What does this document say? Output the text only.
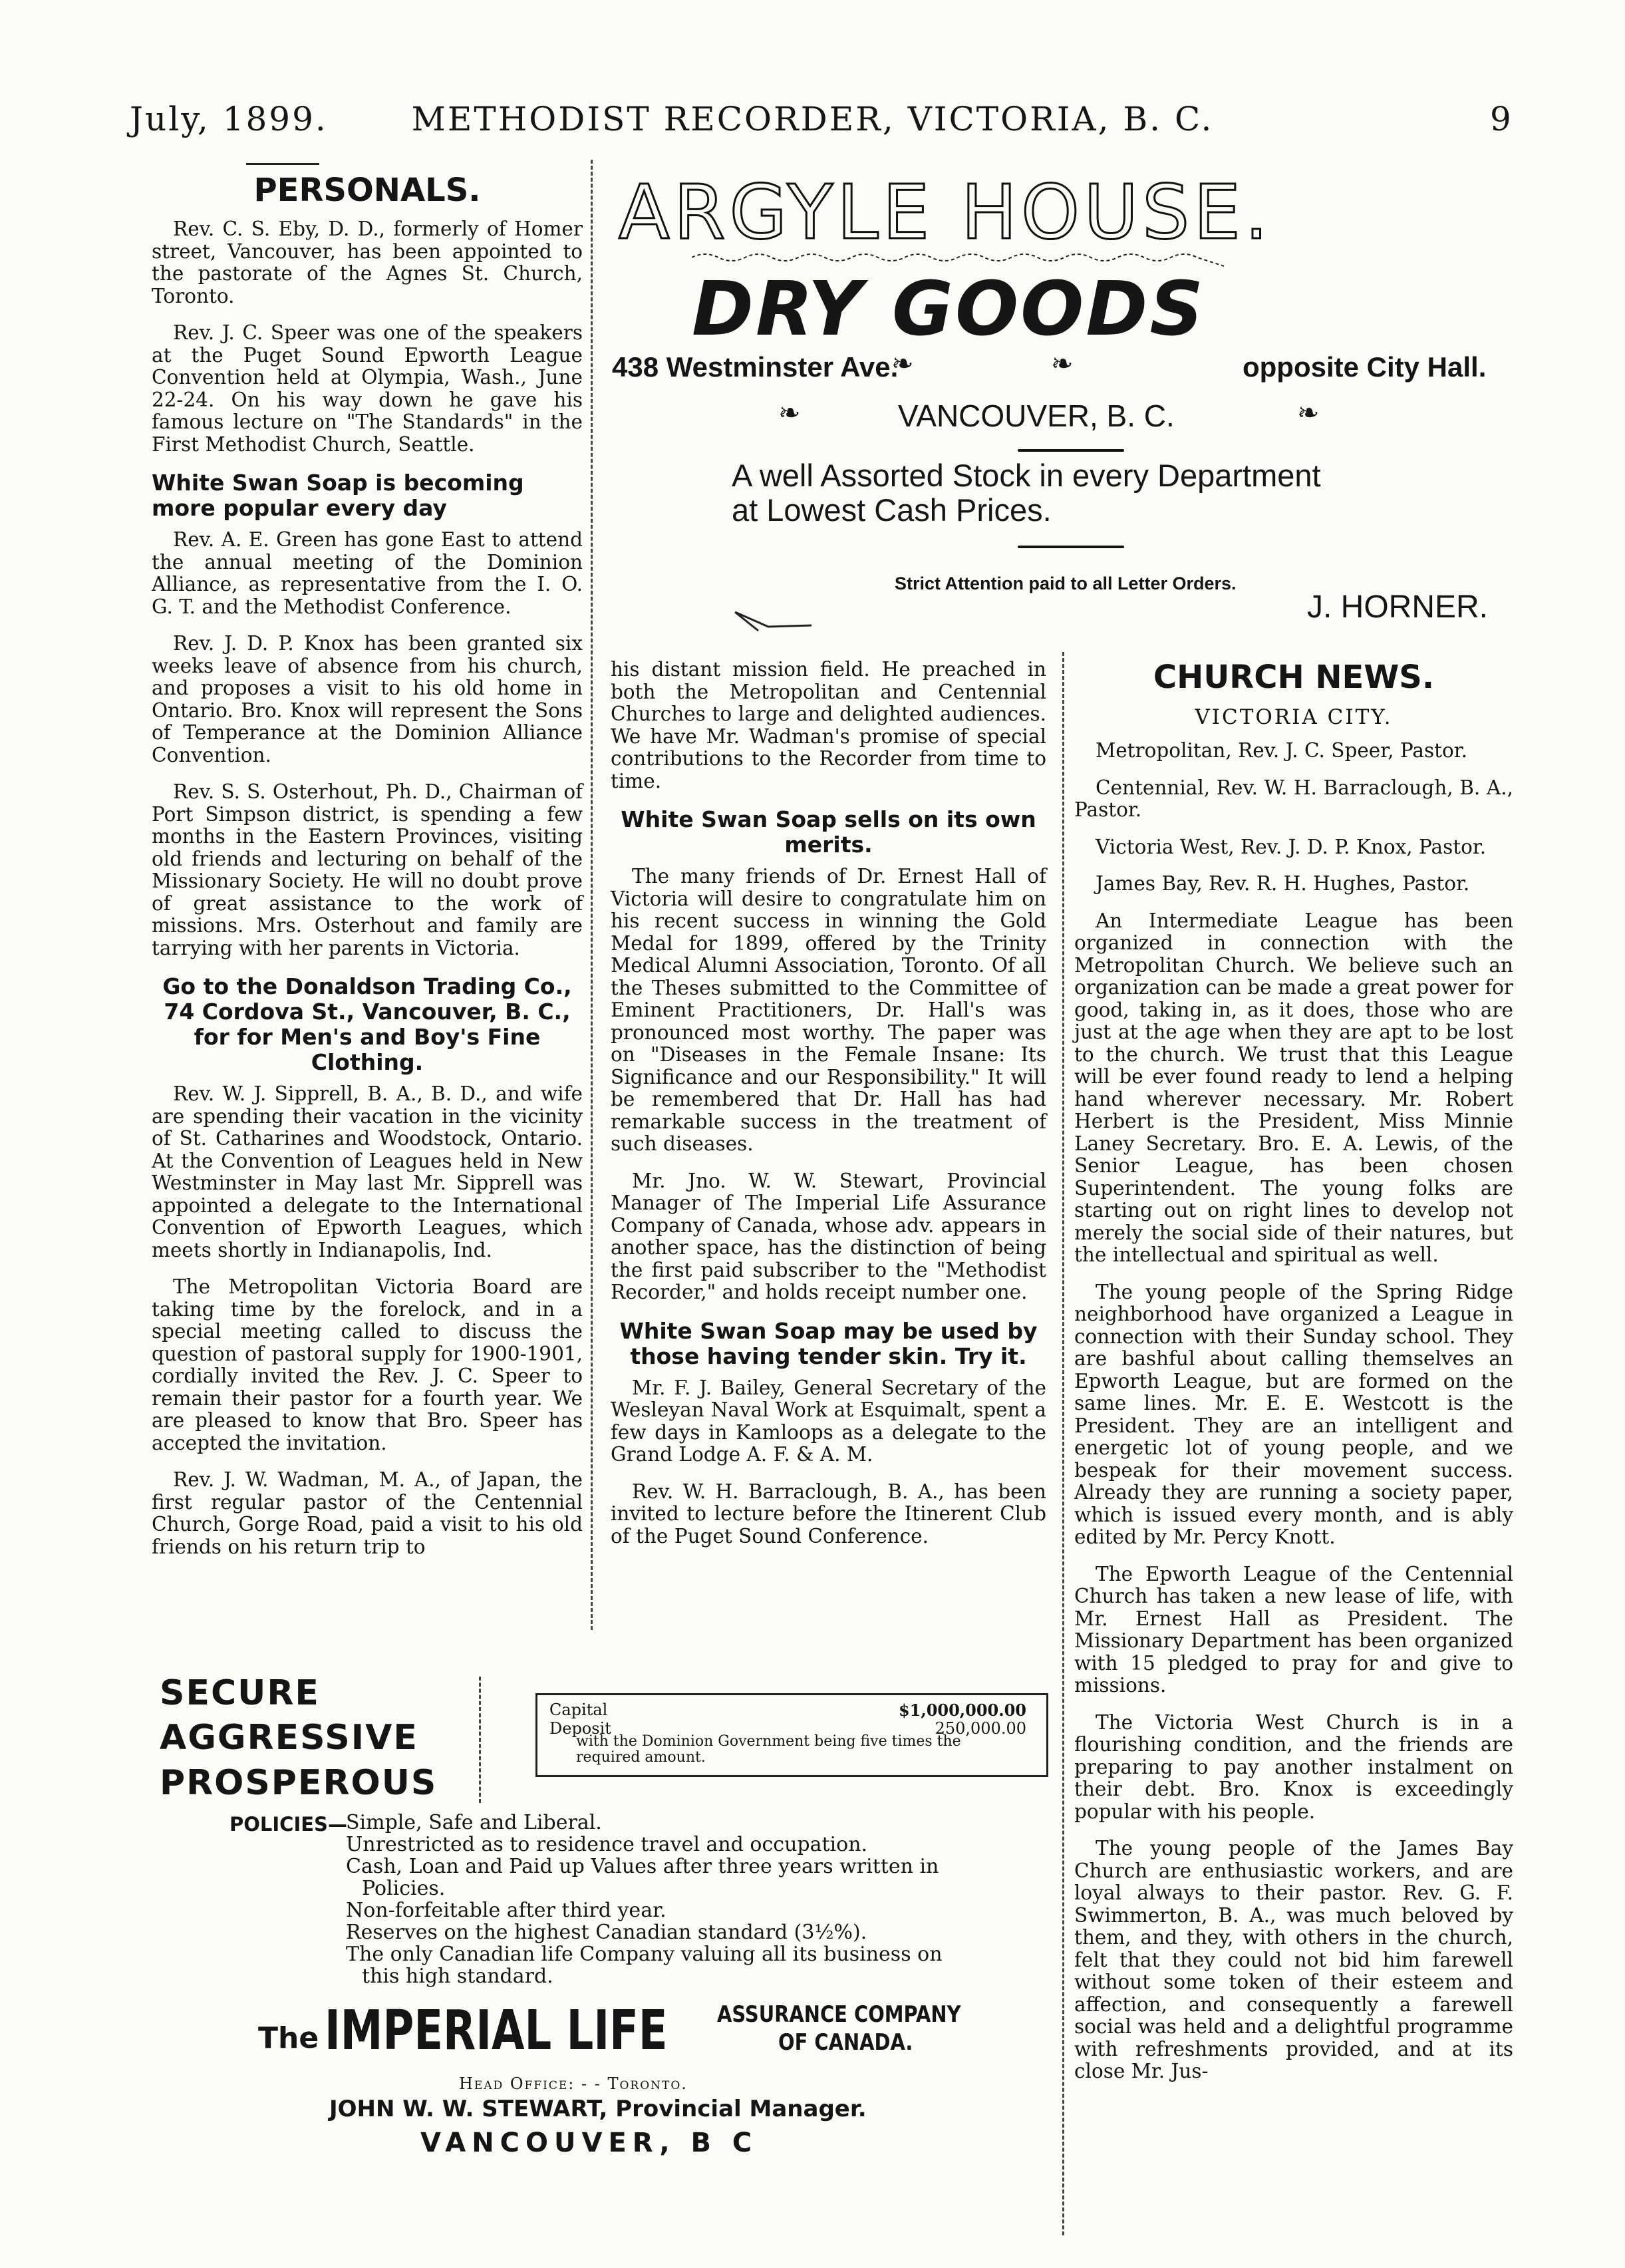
METHODIST RECORDER, VICTORIA, B. C.
July, 1899.	9
PERSONALS.

Rev. C. S. Eby, D. D., formerly of Homer street, Vancouver, has been appointed to the pastorate of the Agnes St. Church, Toronto.

Rev. J. C. Speer was one of the speakers at the Puget Sound Epworth League Convention held at Olympia, Wash., June 22-24. On his way down he gave his famous lecture on "The Standards" in the First Methodist Church, Seattle.

White Swan Soap is becoming more popular every day

Rev. A. E. Green has gone East to attend the annual meeting of the Dominion Alliance, as representative from the I. O. G. T. and the Methodist Conference.

Rev. J. D. P. Knox has been granted six weeks leave of absence from his church, and proposes a visit to his old home in Ontario. Bro. Knox will represent the Sons of Temperance at the Dominion Alliance Convention.

Rev. S. S. Osterhout, Ph. D., Chairman of Port Simpson district, is spending a few months in the Eastern Provinces, visiting old friends and lecturing on behalf of the Missionary Society. He will no doubt prove of great assistance to the work of missions. Mrs. Osterhout and family are tarrying with her parents in Victoria.

Go to the Donaldson Trading Co., 74 Cordova St., Vancouver, B. C., for for Men's and Boy's Fine Clothing.

Rev. W. J. Sipprell, B. A., B. D., and wife are spending their vacation in the vicinity of St. Catharines and Woodstock, Ontario. At the Convention of Leagues held in New Westminster in May last Mr. Sipprell was appointed a delegate to the International Convention of Epworth Leagues, which meets shortly in Indianapolis, Ind.

The Metropolitan Victoria Board are taking time by the forelock, and in a special meeting called to discuss the question of pastoral supply for 1900-1901, cordially invited the Rev. J. C. Speer to remain their pastor for a fourth year. We are pleased to know that Bro. Speer has accepted the invitation.

Rev. J. W. Wadman, M. A., of Japan, the first regular pastor of the Centennial Church, Gorge Road, paid a visit to his old friends on his return trip to

ARGYLE HOUSE.
DRY GOODS
438 Westminster Ave.
❧	❧	opposite City Hall.
❧	VANCOUVER, B. C.	❧
A well Assorted Stock in every Department
at Lowest Cash Prices.
Strict Attention paid to all Letter Orders.
J. HORNER.

his distant mission field. He preached in both the Metropolitan and Centennial Churches to large and delighted audiences. We have Mr. Wadman's promise of special contributions to the Recorder from time to time.

White Swan Soap sells on its own merits.

The many friends of Dr. Ernest Hall of Victoria will desire to congratulate him on his recent success in winning the Gold Medal for 1899, offered by the Trinity Medical Alumni Association, Toronto. Of all the Theses submitted to the Committee of Eminent Practitioners, Dr. Hall's was pronounced most worthy. The paper was on "Diseases in the Female Insane: Its Significance and our Responsibility." It will be remembered that Dr. Hall has had remarkable success in the treatment of such diseases.

Mr. Jno. W. W. Stewart, Provincial Manager of The Imperial Life Assurance Company of Canada, whose adv. appears in another space, has the distinction of being the first paid subscriber to the "Methodist Recorder," and holds receipt number one.

White Swan Soap may be used by those having tender skin. Try it.

Mr. F. J. Bailey, General Secretary of the Wesleyan Naval Work at Esquimalt, spent a few days in Kamloops as a delegate to the Grand Lodge A. F. & A. M.

Rev. W. H. Barraclough, B. A., has been invited to lecture before the Itinerent Club of the Puget Sound Conference.

CHURCH NEWS.
VICTORIA CITY.

Metropolitan, Rev. J. C. Speer, Pastor.

Centennial, Rev. W. H. Barraclough, B. A., Pastor.

Victoria West, Rev. J. D. P. Knox, Pastor.

James Bay, Rev. R. H. Hughes, Pastor.

An Intermediate League has been organized in connection with the Metropolitan Church. We believe such an organization can be made a great power for good, taking in, as it does, those who are just at the age when they are apt to be lost to the church. We trust that this League will be ever found ready to lend a helping hand wherever necessary. Mr. Robert Herbert is the President, Miss Minnie Laney Secretary. Bro. E. A. Lewis, of the Senior League, has been chosen Superintendent. The young folks are starting out on right lines to develop not merely the social side of their natures, but the intellectual and spiritual as well.

The young people of the Spring Ridge neighborhood have organized a League in connection with their Sunday school. They are bashful about calling themselves an Epworth League, but are formed on the same lines. Mr. E. E. Westcott is the President. They are an intelligent and energetic lot of young people, and we bespeak for their movement success. Already they are running a society paper, which is issued every month, and is ably edited by Mr. Percy Knott.

The Epworth League of the Centennial Church has taken a new lease of life, with Mr. Ernest Hall as President. The Missionary Department has been organized with 15 pledged to pray for and give to missions.

The Victoria West Church is in a flourishing condition, and the friends are preparing to pay another instalment on their debt. Bro. Knox is exceedingly popular with his people.

The young people of the James Bay Church are enthusiastic workers, and are loyal always to their pastor. Rev. G. F. Swimmerton, B. A., was much beloved by them, and they, with others in the church, felt that they could not bid him farewell without some token of their esteem and affection, and consequently a farewell social was held and a delightful programme with refreshments provided, and at its close Mr. Jus-

SECURE
AGGRESSIVE
PROSPEROUS
Capital	$1,000,000.00
Deposit	250,000.00
with the Dominion Government being five times the required amount.
POLICIES—
Simple, Safe and Liberal.
Unrestricted as to residence travel and occupation.
Cash, Loan and Paid up Values after three years written in Policies.
Non-forfeitable after third year.
Reserves on the highest Canadian standard (3½%).
The only Canadian life Company valuing all its business on this high standard.
The IMPERIAL LIFE ASSURANCE COMPANY
OF CANADA.
Head Office: - - Toronto.
JOHN W. W. STEWART, Provincial Manager.
VANCOUVER, B C
